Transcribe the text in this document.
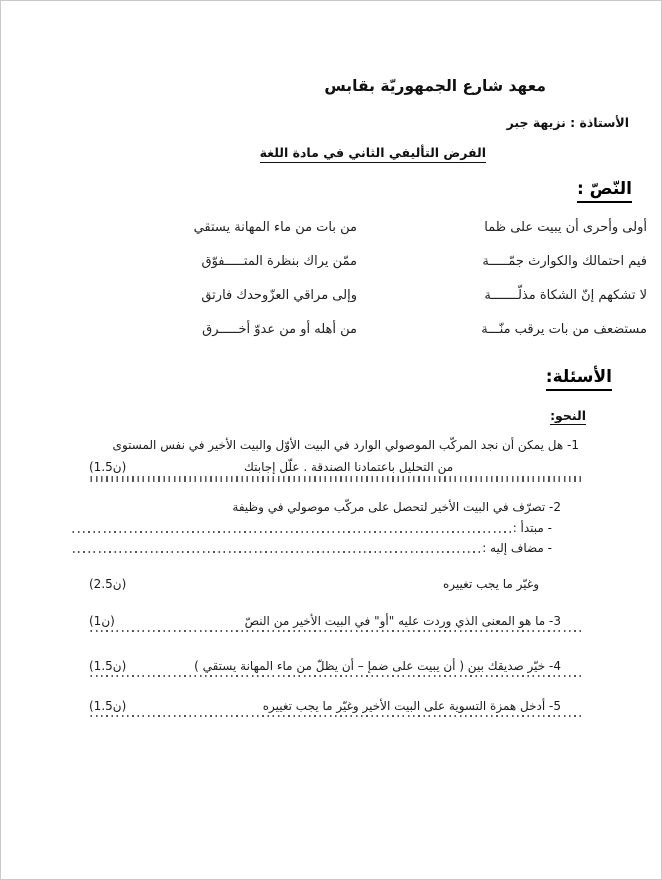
معهد شارع الجمهوريّة بقابس
الأستاذة : نزيهة جبر
الفرض التأليفي الثاني في مادة اللغة
النّصّ :
أولى وأحرى أن يبيت على ظما
من بات من ماء المهانة يستقي
فيم احتمالك والكوارث جمّـــــة
ممّن يراك بنظرة المتـــــفوّق
لا تشكهم إنّ الشكاة مذلّـــــــة
وإلى مراقي العزّوحدك فارتق
مستضعف من بات يرقب منّـــة
من أهله أو من عدوّ أخـــــرق
الأسئلة:
النحو:
1- هل يمكن أن نجد المركّب الموصولي الوارد في البيت الأوّل والبيت الأخير في نفس المستوى
من التحليل باعتمادنا الصندقة . علّل إجابتك
(1.5ن)
2- تصرّف في البيت الأخير لتحصل على مركّب موصولي في وظيفة
- مبتدأ :
- مضاف إليه :
وغيّر ما يجب تغييره
(2.5ن)
3- ما هو المعنى الذي وردت عليه "أو" في البيت الأخير من النصّ
(1ن)
4- خيّر صديقك بين ( أن يبيت على ضمإ – أن يظلّ من ماء المهانة يستقي )
(1.5ن)
5- أدخل همزة التسوية على البيت الأخير وغيّر ما يجب تغييره
(1.5ن)
